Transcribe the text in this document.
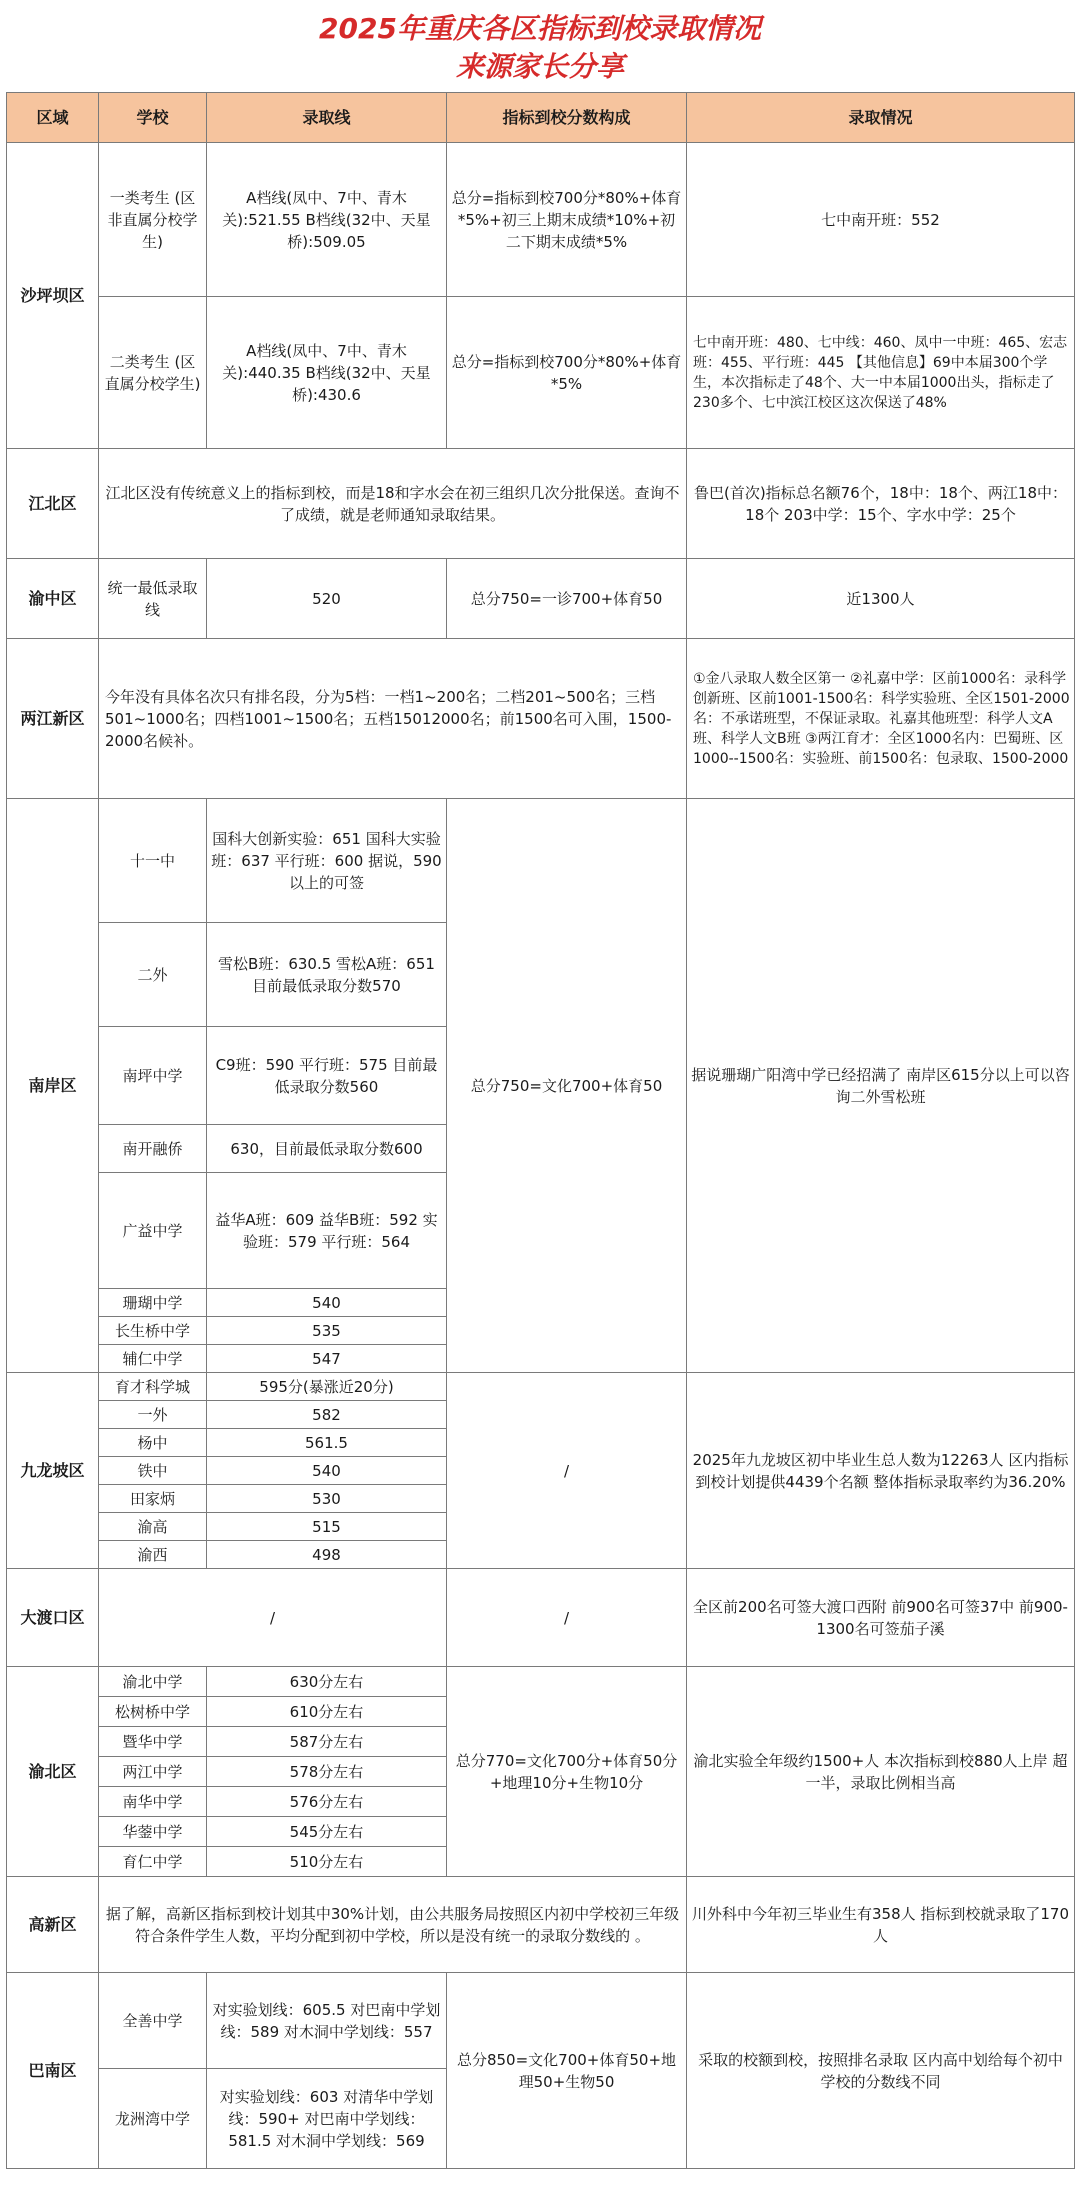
2025年重庆各区指标到校录取情况
来源家长分享
区域	学校	录取线	指标到校分数构成	录取情况
沙坪坝区	一类考生 (区非直属分校学生)	A档线(凤中、7中、青木关):521.55 B档线(32中、天星桥):509.05	总分=指标到校700分*80%+体育*5%+初三上期末成绩*10%+初二下期末成绩*5%	七中南开班：552
	二类考生 (区直属分校学生)	A档线(凤中、7中、青木关):440.35 B档线(32中、天星桥):430.6	总分=指标到校700分*80%+体育*5%	七中南开班：480、七中线：460、凤中一中班：465、宏志班：455、平行班：445 【其他信息】69中本届300个学生，本次指标走了48个、大一中本届1000出头，指标走了230多个、七中滨江校区这次保送了48%
江北区	江北区没有传统意义上的指标到校，而是18和字水会在初三组织几次分批保送。查询不了成绩，就是老师通知录取结果。			鲁巴(首次)指标总名额76个，18中：18个、两江18中：18个 203中学：15个、字水中学：25个
渝中区	统一最低录取线	520	总分750=一诊700+体育50	近1300人
两江新区	今年没有具体名次只有排名段，分为5档：一档1~200名；二档201~500名；三档501~1000名；四档1001~1500名；五档15012000名；前1500名可入围，1500-2000名候补。			①金八录取人数全区第一 ②礼嘉中学：区前1000名：录科学创新班、区前1001-1500名：科学实验班、全区1501-2000名：不承诺班型，不保证录取。礼嘉其他班型：科学人文A班、科学人文B班 ③两江育才：全区1000名内：巴蜀班、区1000--1500名：实验班、前1500名：包录取、1500-2000
南岸区	十一中	国科大创新实验：651 国科大实验班：637 平行班：600 据说，590以上的可签	总分750=文化700+体育50	据说珊瑚广阳湾中学已经招满了 南岸区615分以上可以咨询二外雪松班
	二外	雪松B班：630.5 雪松A班：651 目前最低录取分数570		
	南坪中学	C9班：590 平行班：575 目前最低录取分数560		
	南开融侨	630，目前最低录取分数600		
	广益中学	益华A班：609 益华B班：592 实验班：579 平行班：564		
	珊瑚中学	540		
	长生桥中学	535		
	辅仁中学	547		
九龙坡区	育才科学城	595分(暴涨近20分)	/	2025年九龙坡区初中毕业生总人数为12263人 区内指标到校计划提供4439个名额 整体指标录取率约为36.20%
	一外	582		
	杨中	561.5		
	铁中	540		
	田家炳	530		
	渝高	515		
	渝西	498		
大渡口区	/		/	全区前200名可签大渡口西附 前900名可签37中 前900-1300名可签茄子溪
渝北区	渝北中学	630分左右	总分770=文化700分+体育50分+地理10分+生物10分	渝北实验全年级约1500+人 本次指标到校880人上岸 超一半，录取比例相当高
	松树桥中学	610分左右		
	暨华中学	587分左右		
	两江中学	578分左右		
	南华中学	576分左右		
	华蓥中学	545分左右		
	育仁中学	510分左右		
高新区	据了解，高新区指标到校计划其中30%计划，由公共服务局按照区内初中学校初三年级符合条件学生人数，平均分配到初中学校，所以是没有统一的录取分数线的 。			川外科中今年初三毕业生有358人 指标到校就录取了170人
巴南区	全善中学	对实验划线：605.5 对巴南中学划线：589 对木洞中学划线：557	总分850=文化700+体育50+地理50+生物50	采取的校额到校，按照排名录取 区内高中划给每个初中学校的分数线不同
	龙洲湾中学	对实验划线：603 对清华中学划线：590+ 对巴南中学划线：581.5 对木洞中学划线：569		
